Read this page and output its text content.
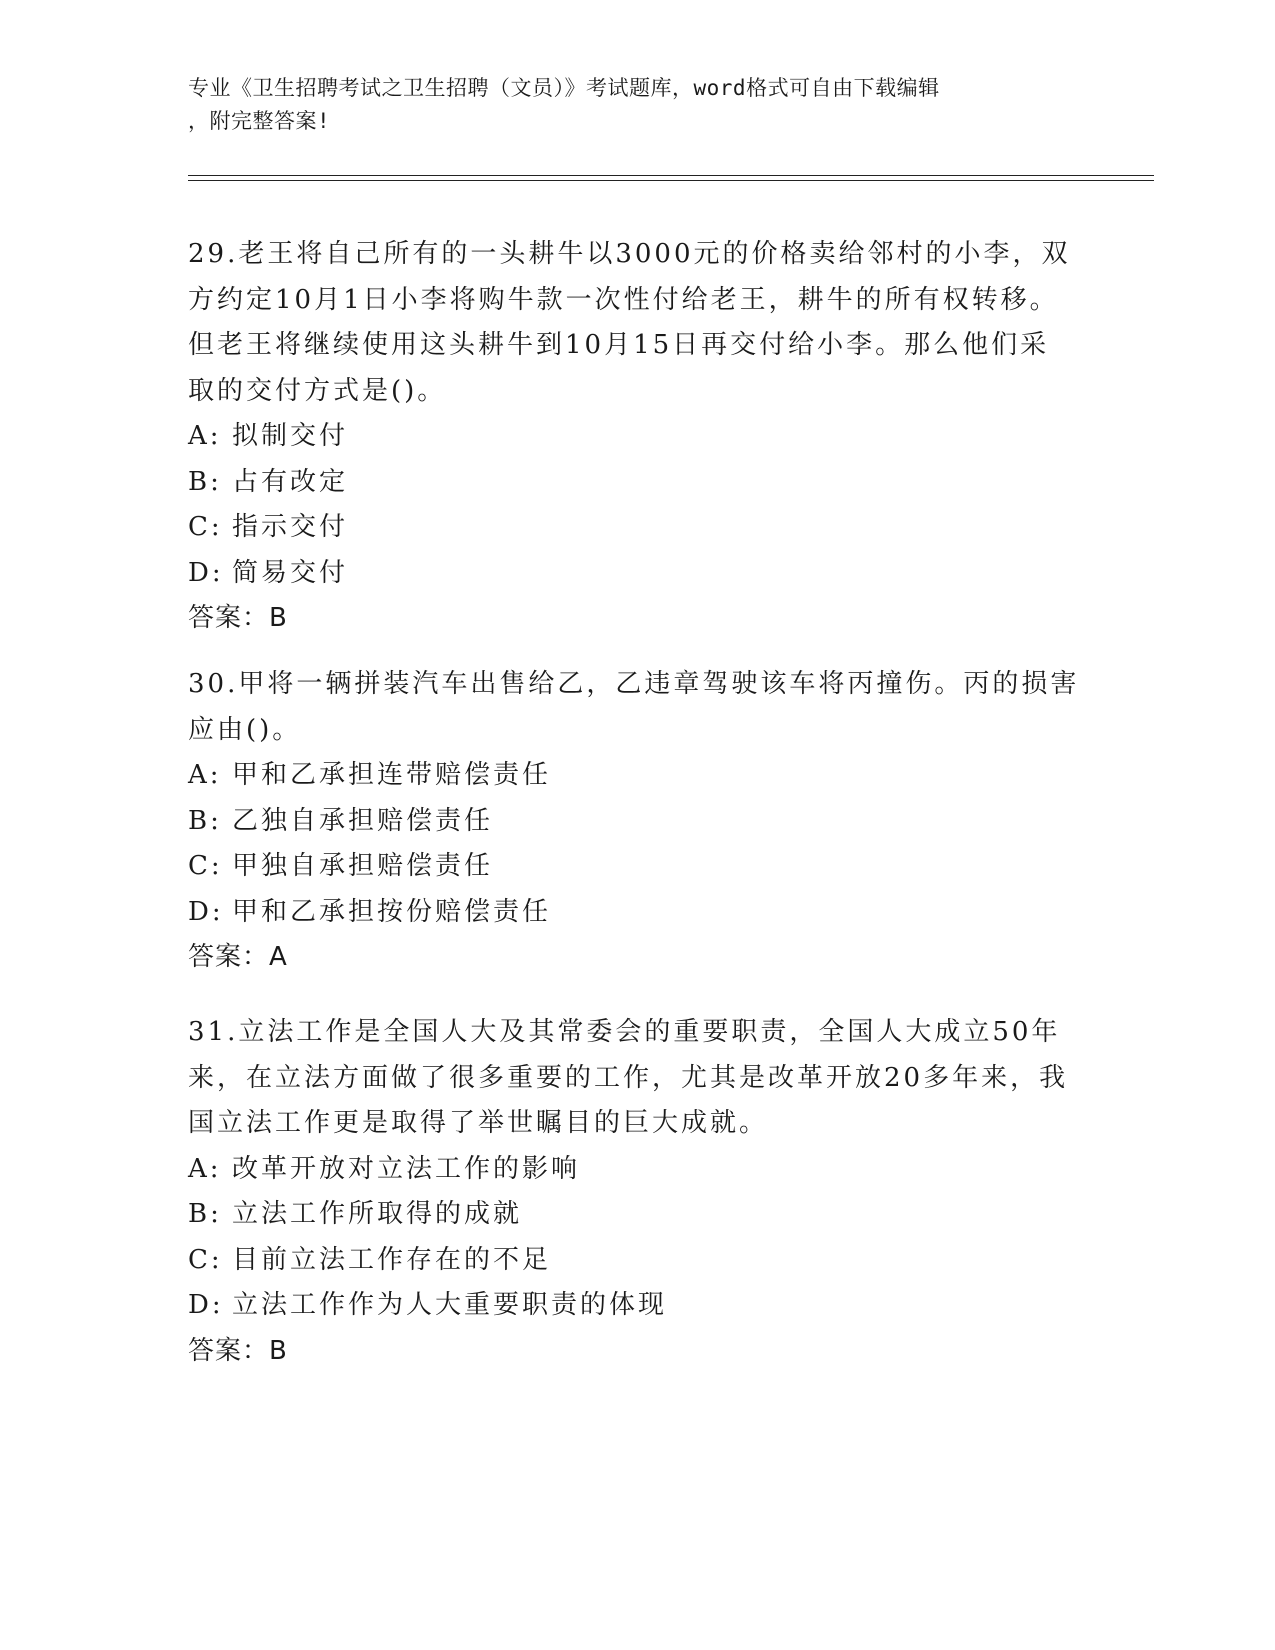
专业《卫生招聘考试之卫生招聘（文员）》考试题库，word格式可自由下载编辑
，附完整答案!
29.老王将自己所有的一头耕牛以3000元的价格卖给邻村的小李，双
方约定10月1日小李将购牛款一次性付给老王，耕牛的所有权转移。
但老王将继续使用这头耕牛到10月15日再交付给小李。那么他们采
取的交付方式是()。
A: 拟制交付
B: 占有改定
C: 指示交付
D: 简易交付
答案：B
30.甲将一辆拼装汽车出售给乙，乙违章驾驶该车将丙撞伤。丙的损害
应由()。
A: 甲和乙承担连带赔偿责任
B: 乙独自承担赔偿责任
C: 甲独自承担赔偿责任
D: 甲和乙承担按份赔偿责任
答案：A
31.立法工作是全国人大及其常委会的重要职责，全国人大成立50年
来，在立法方面做了很多重要的工作，尤其是改革开放20多年来，我
国立法工作更是取得了举世瞩目的巨大成就。
A: 改革开放对立法工作的影响
B: 立法工作所取得的成就
C: 目前立法工作存在的不足
D: 立法工作作为人大重要职责的体现
答案：B
